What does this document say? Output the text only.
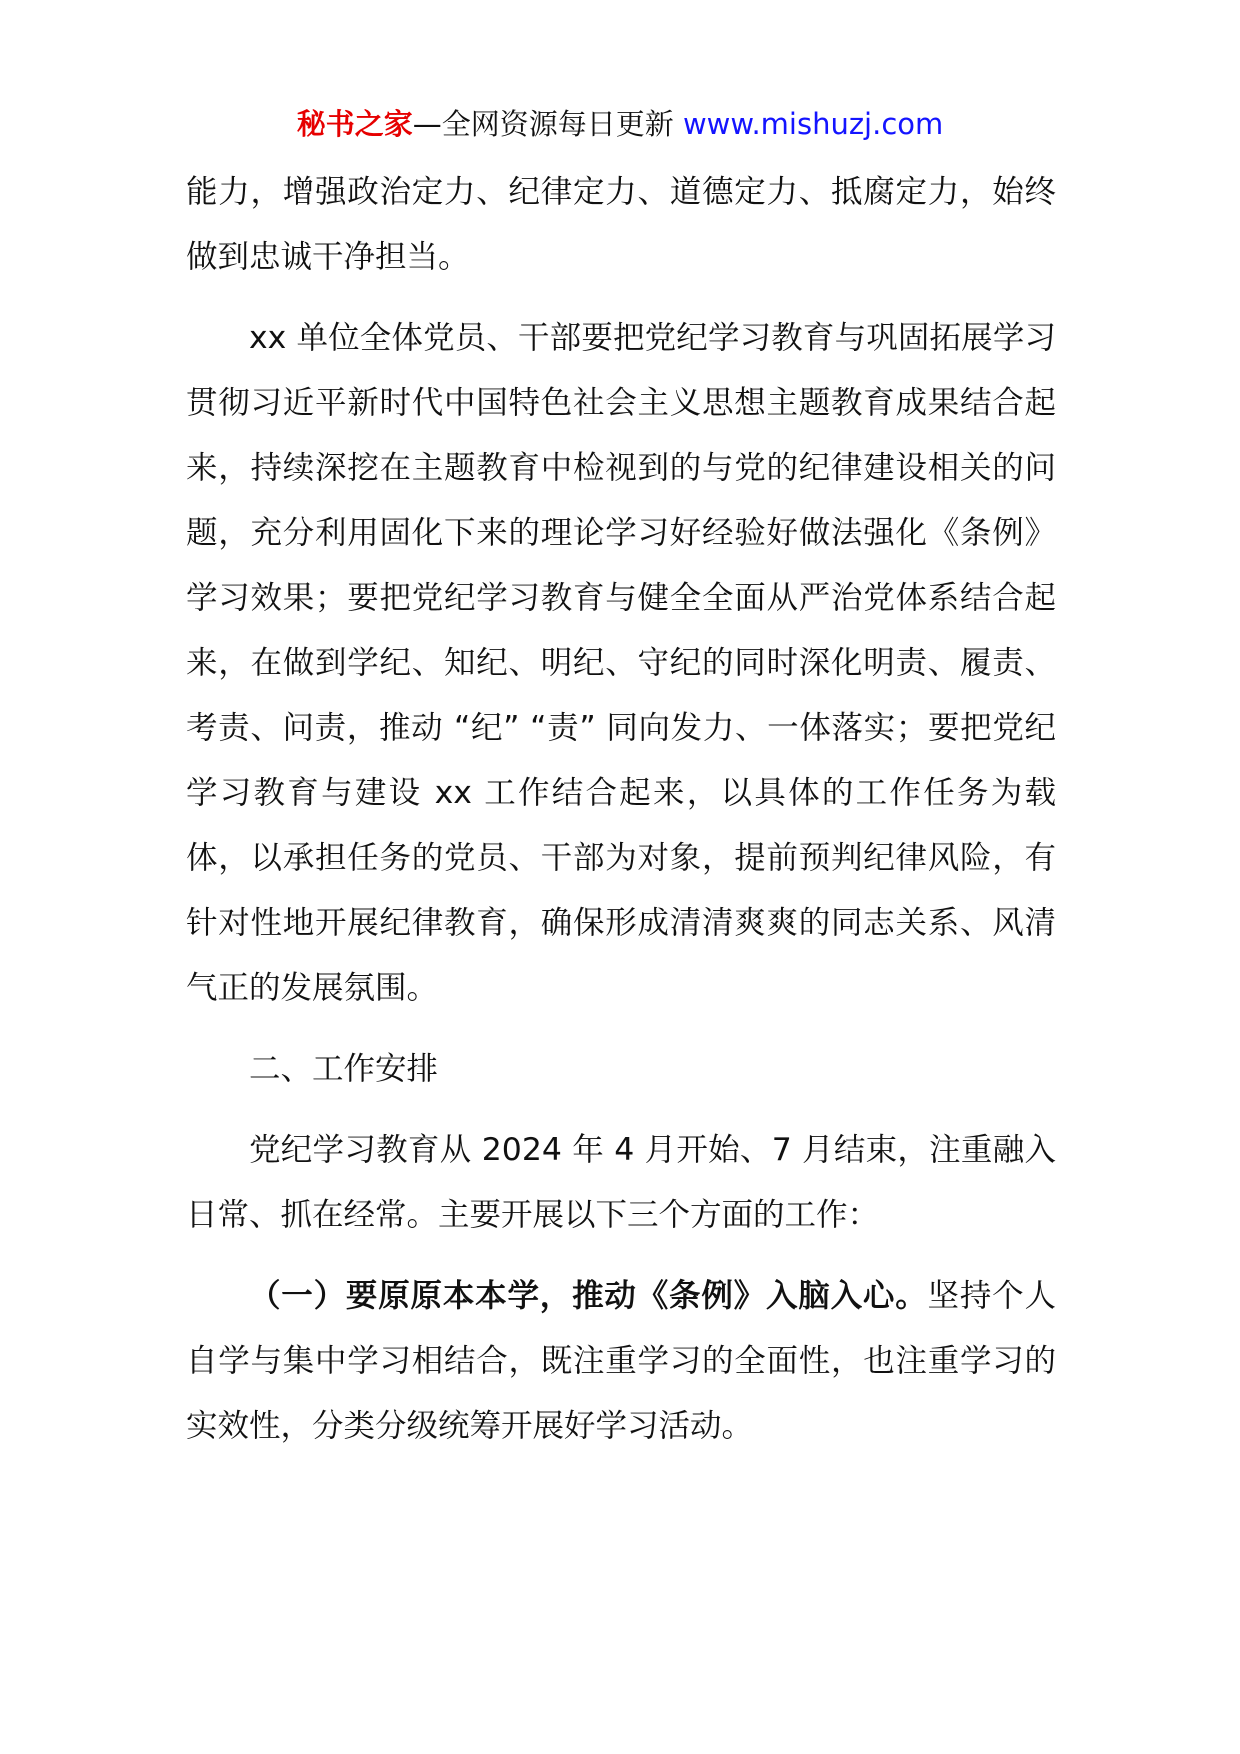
秘书之家—全网资源每日更新 www.mishuzj.com

能力，增强政治定力、纪律定力、道德定力、抵腐定力，始终做到忠诚干净担当。

xx 单位全体党员、干部要把党纪学习教育与巩固拓展学习贯彻习近平新时代中国特色社会主义思想主题教育成果结合起来，持续深挖在主题教育中检视到的与党的纪律建设相关的问题，充分利用固化下来的理论学习好经验好做法强化《条例》学习效果；要把党纪学习教育与健全全面从严治党体系结合起来，在做到学纪、知纪、明纪、守纪的同时深化明责、履责、考责、问责，推动 “纪” “责” 同向发力、一体落实；要把党纪学习教育与建设 xx 工作结合起来，以具体的工作任务为载体，以承担任务的党员、干部为对象，提前预判纪律风险，有针对性地开展纪律教育，确保形成清清爽爽的同志关系、风清气正的发展氛围。

二、工作安排

党纪学习教育从 2024 年 4 月开始、7 月结束，注重融入日常、抓在经常。主要开展以下三个方面的工作：

（一）要原原本本学，推动《条例》入脑入心。坚持个人自学与集中学习相结合，既注重学习的全面性，也注重学习的实效性，分类分级统筹开展好学习活动。
